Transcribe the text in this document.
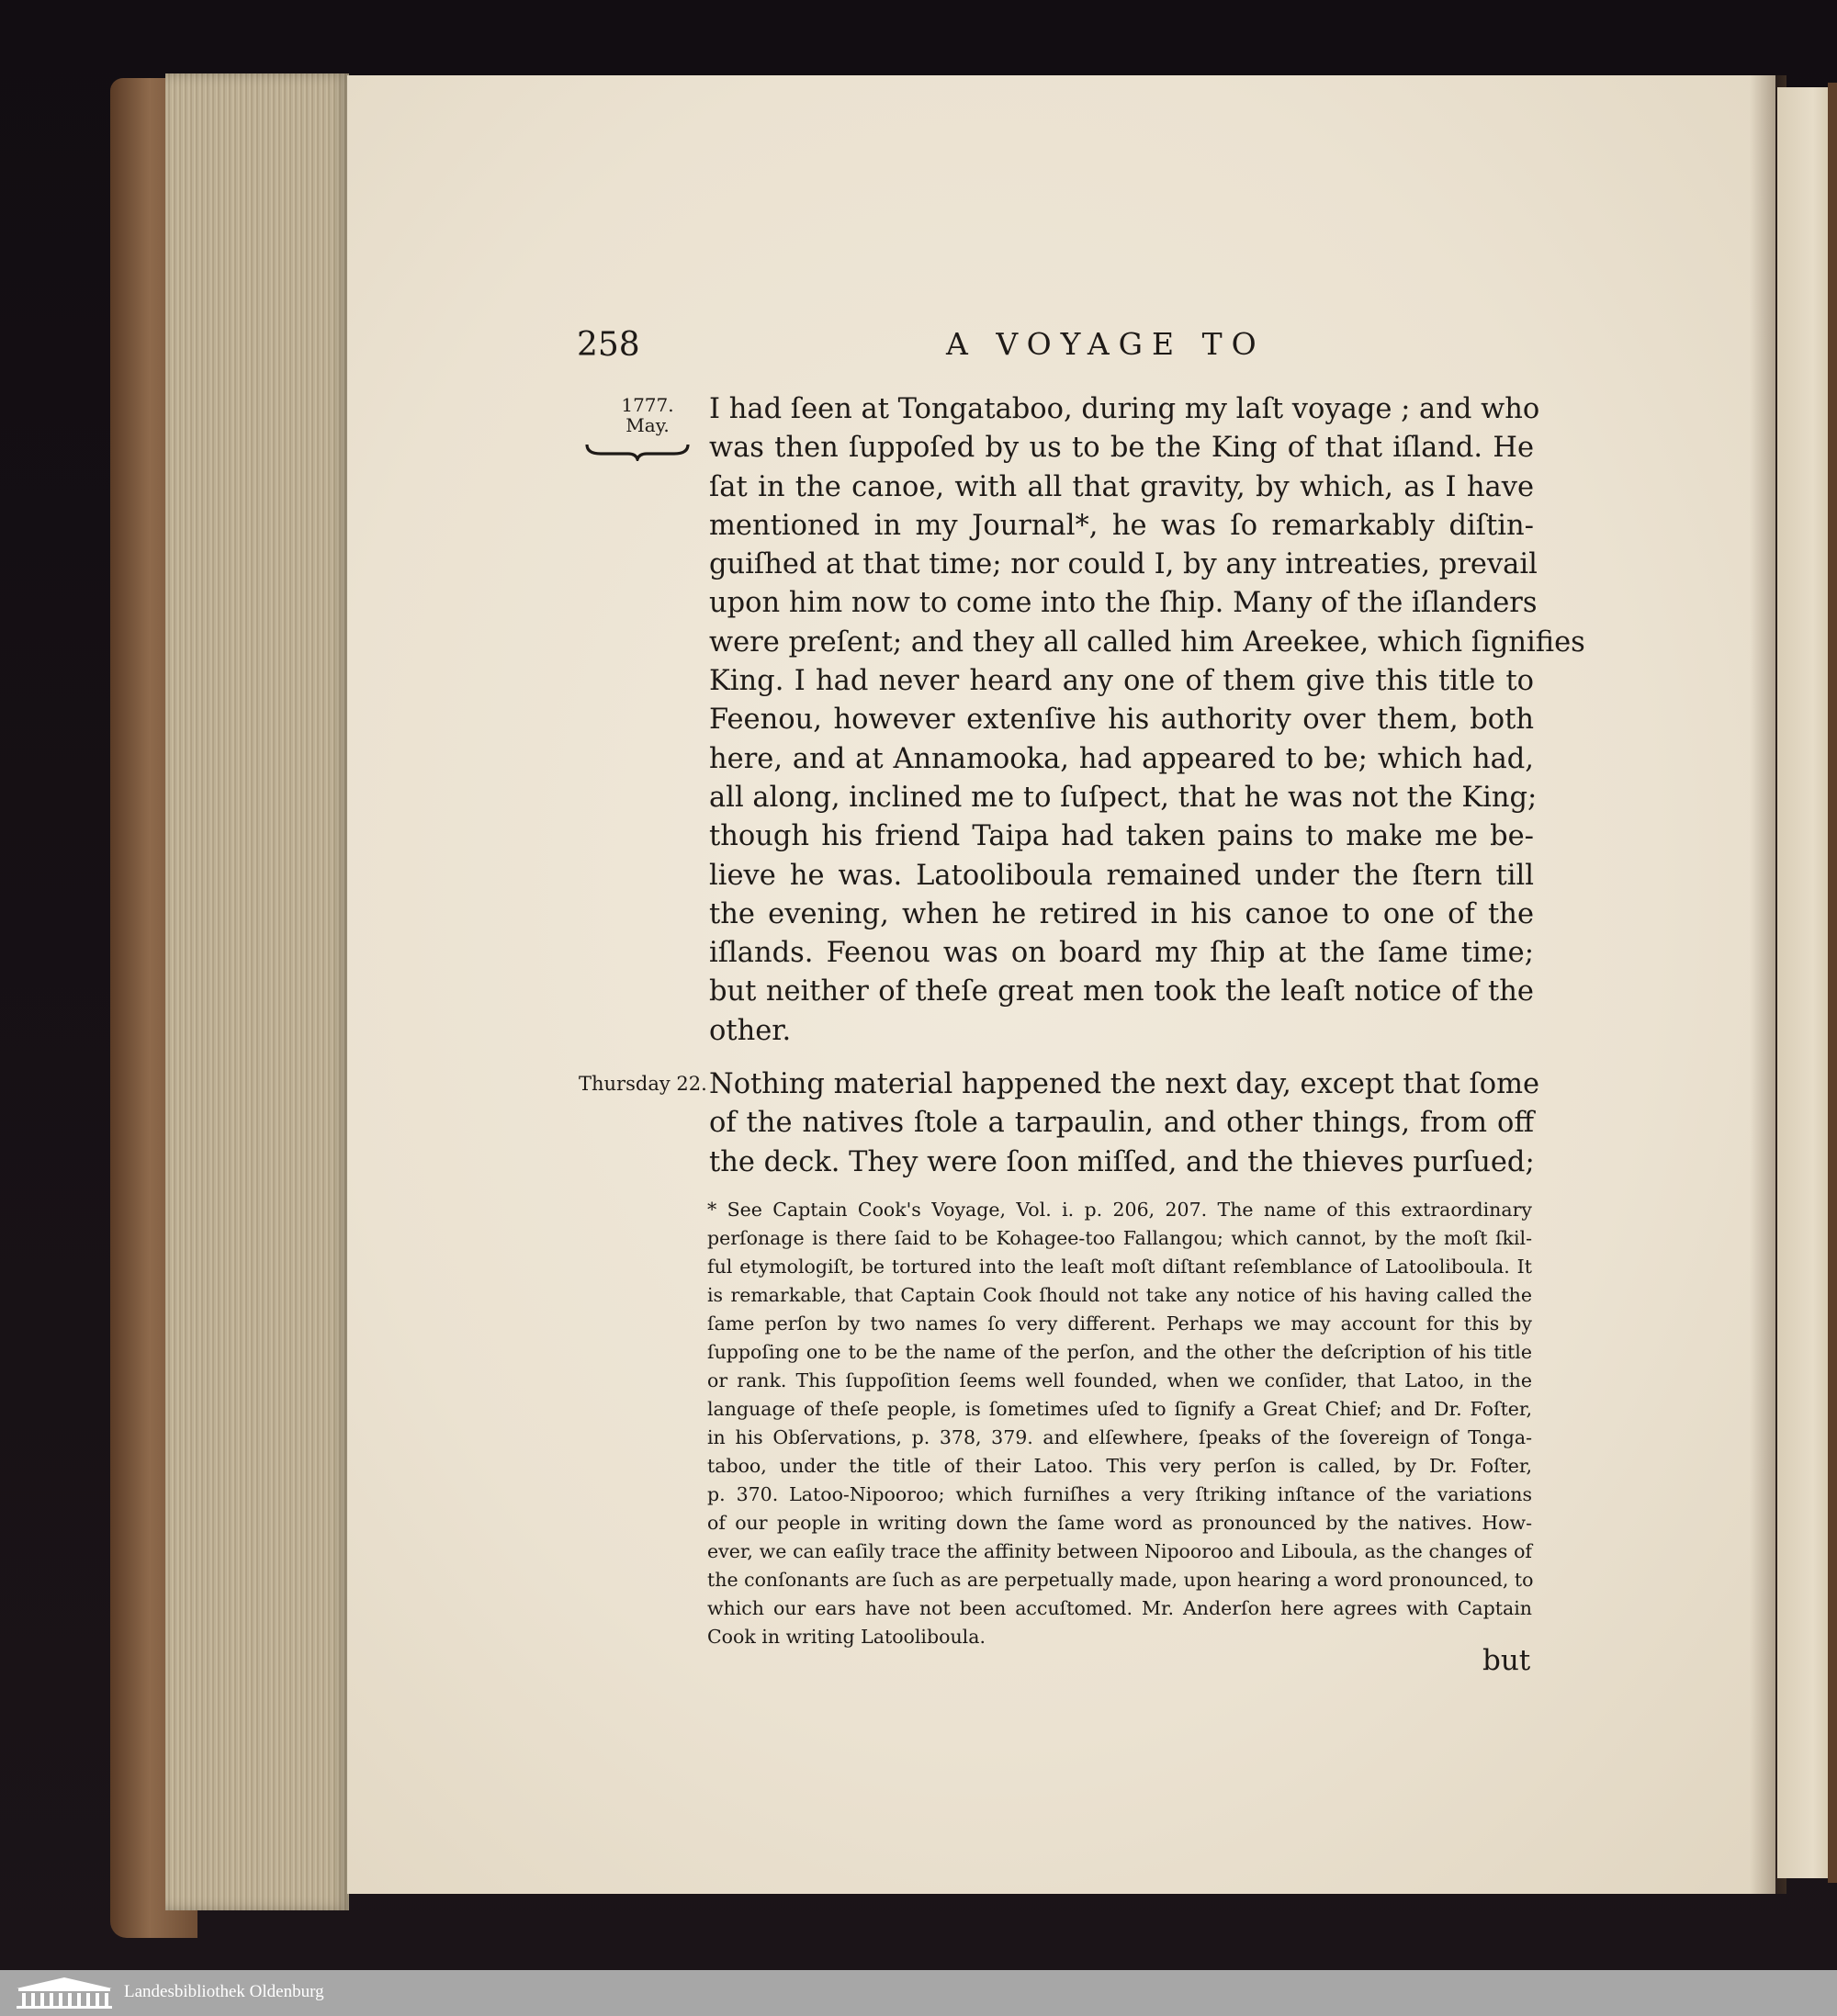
258	A VOYAGE TO
1777.
May.
Thursday 22.
I had ſeen at Tongataboo, during my laſt voyage ; and who
was then ſuppoſed by us to be the King of that iſland. He
ſat in the canoe, with all that gravity, by which, as I have
mentioned in my Journal*, he was ſo remarkably diſtin-
guiſhed at that time; nor could I, by any intreaties, prevail
upon him now to come into the ſhip. Many of the iſlanders
were preſent; and they all called him Areekee, which ſignifies
King. I had never heard any one of them give this title to
Feenou, however extenſive his authority over them, both
here, and at Annamooka, had appeared to be; which had,
all along, inclined me to ſuſpect, that he was not the King;
though his friend Taipa had taken pains to make me be-
lieve he was. Latooliboula remained under the ſtern till
the evening, when he retired in his canoe to one of the
iſlands. Feenou was on board my ſhip at the ſame time;
but neither of theſe great men took the leaſt notice of the
other.
Nothing material happened the next day, except that ſome
of the natives ſtole a tarpaulin, and other things, from off
the deck. They were ſoon miſſed, and the thieves purſued;
* See Captain Cook's Voyage, Vol. i. p. 206, 207. The name of this extraordinary
perſonage is there ſaid to be Kohagee-too Fallangou; which cannot, by the moſt ſkil-
ful etymologiſt, be tortured into the leaſt moſt diſtant reſemblance of Latooliboula. It
is remarkable, that Captain Cook ſhould not take any notice of his having called the
ſame perſon by two names ſo very different. Perhaps we may account for this by
ſuppoſing one to be the name of the perſon, and the other the deſcription of his title
or rank. This ſuppoſition ſeems well founded, when we conſider, that Latoo, in the
language of theſe people, is ſometimes uſed to ſignify a Great Chief; and Dr. Foſter,
in his Obſervations, p. 378, 379. and elſewhere, ſpeaks of the ſovereign of Tonga-
taboo, under the title of their Latoo. This very perſon is called, by Dr. Foſter,
p. 370. Latoo-Nipooroo; which furniſhes a very ſtriking inſtance of the variations
of our people in writing down the ſame word as pronounced by the natives. How-
ever, we can eaſily trace the affinity between Nipooroo and Liboula, as the changes of
the conſonants are ſuch as are perpetually made, upon hearing a word pronounced, to
which our ears have not been accuſtomed. Mr. Anderſon here agrees with Captain
Cook in writing Latooliboula.
but
Landesbibliothek Oldenburg
